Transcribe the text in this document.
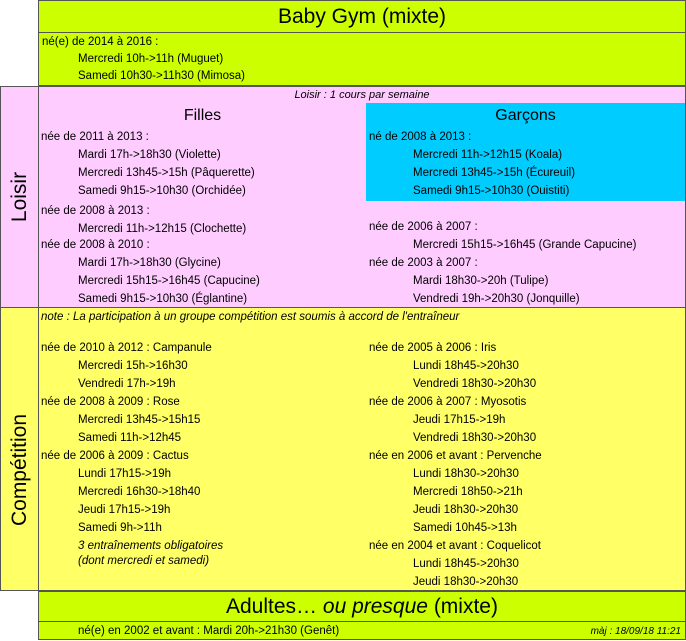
Baby Gym (mixte)
né(e) de 2014 à 2016 :
Mercredi 10h->11h (Muguet)
Samedi 10h30->11h30 (Mimosa)
Loisir
Loisir : 1 cours par semaine
Filles	Garçons
née de 2011 à 2013 :
Mardi 17h->18h30 (Violette)
Mercredi 13h45->15h (Pâquerette)
Samedi 9h15->10h30 (Orchidée)
née de 2008 à 2013 :
Mercredi 11h->12h15 (Clochette)
née de 2008 à 2010 :
Mardi 17h->18h30 (Glycine)
Mercredi 15h15->16h45 (Capucine)
Samedi 9h15->10h30 (Églantine)
né de 2008 à 2013 :
Mercredi 11h->12h15 (Koala)
Mercredi 13h45->15h (Écureuil)
Samedi 9h15->10h30 (Ouistiti)
née de 2006 à 2007 :
Mercredi 15h15->16h45 (Grande Capucine)
née de 2003 à 2007 :
Mardi 18h30->20h (Tulipe)
Vendredi 19h->20h30 (Jonquille)
Compétition
note : La participation à un groupe compétition est soumis à accord de l'entraîneur
née de 2010 à 2012 : Campanule
Mercredi 15h->16h30
Vendredi 17h->19h
née de 2008 à 2009 : Rose
Mercredi 13h45->15h15
Samedi 11h->12h45
née de 2006 à 2009 : Cactus
Lundi 17h15->19h
Mercredi 16h30->18h40
Jeudi 17h15->19h
Samedi 9h->11h
3 entraînements obligatoires
(dont mercredi et samedi)
née de 2005 à 2006 : Iris
Lundi 18h45->20h30
Vendredi 18h30->20h30
née de 2006 à 2007 : Myosotis
Jeudi 17h15->19h
Vendredi 18h30->20h30
née en 2006 et avant : Pervenche
Lundi 18h30->20h30
Mercredi 18h50->21h
Jeudi 18h30->20h30
Samedi 10h45->13h
née en 2004 et avant : Coquelicot
Lundi 18h45->20h30
Jeudi 18h30->20h30
Adultes… ou presque (mixte)
né(e) en 2002 et avant : Mardi 20h->21h30 (Genêt)	màj : 18/09/18 11:21
